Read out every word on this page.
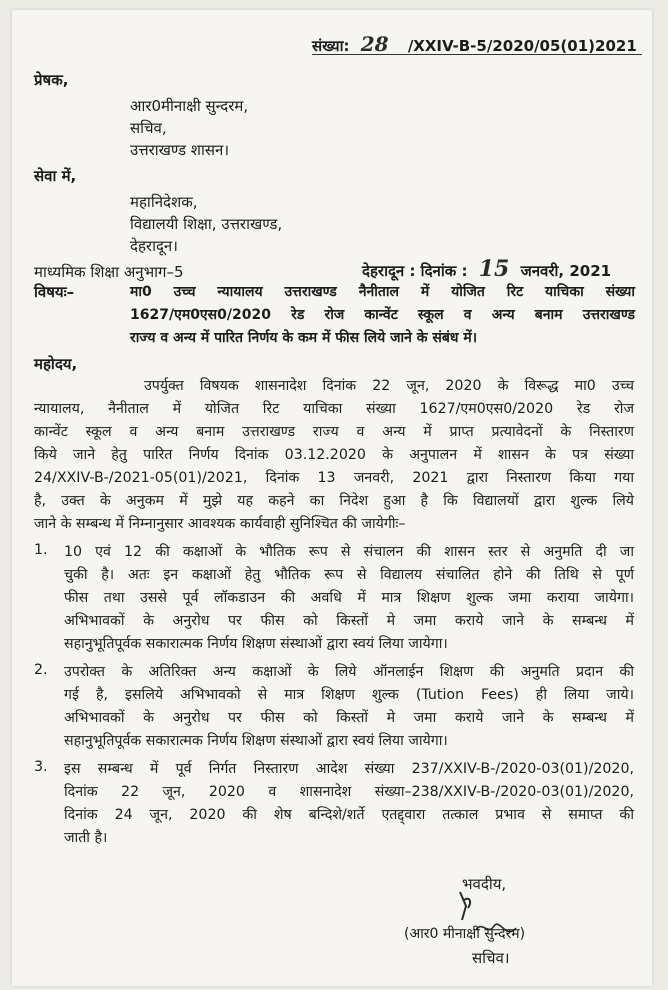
संख्या: 28 /XXIV-B-5/2020/05(01)2021
प्रेषक,
आर0मीनाक्षी सुन्दरम,
सचिव,
उत्तराखण्ड शासन।
सेवा में,
महानिदेशक,
विद्यालयी शिक्षा, उत्तराखण्ड,
देहरादून।
माध्यमिक शिक्षा अनुभाग–5	देहरादून : दिनांक : 15 जनवरी, 2021
विषयः–	मा0 उच्च न्यायालय उत्तराखण्ड नैनीताल में योजित रिट याचिका संख्या
1627/एम0एस0/2020 रेड रोज कान्वेंट स्कूल व अन्य बनाम उत्तराखण्ड
राज्य व अन्य में पारित निर्णय के कम में फीस लिये जाने के संबंध में।
महोदय,
उपर्युक्त विषयक शासनादेश दिनांक 22 जून, 2020 के विरूद्ध मा0 उच्च
न्यायालय, नैनीताल में योजित रिट याचिका संख्या 1627/एम0एस0/2020 रेड रोज
कान्वेंट स्कूल व अन्य बनाम उत्तराखण्ड राज्य व अन्य में प्राप्त प्रत्यावेदनों के निस्तारण
किये जाने हेतु पारित निर्णय दिनांक 03.12.2020 के अनुपालन में शासन के पत्र संख्या
24/XXIV-B-/2021-05(01)/2021, दिनांक 13 जनवरी, 2021 द्वारा निस्तारण किया गया
है, उक्त के अनुकम में मुझे यह कहने का निदेश हुआ है कि विद्यालयों द्वारा शुल्क लिये
जाने के सम्बन्ध में निम्नानुसार आवश्यक कार्यवाही सुनिश्चित की जायेगीः–
1. 10 एवं 12 की कक्षाओं के भौतिक रूप से संचालन की शासन स्तर से अनुमति दी जा
चुकी है। अतः इन कक्षाओं हेतु भौतिक रूप से विद्यालय संचालित होने की तिथि से पूर्ण
फीस तथा उससे पूर्व लॉकडाउन की अवधि में मात्र शिक्षण शुल्क जमा कराया जायेगा।
अभिभावकों के अनुरोध पर फीस को किस्तों मे जमा कराये जाने के सम्बन्ध में
सहानुभूतिपूर्वक सकारात्मक निर्णय शिक्षण संस्थाओं द्वारा स्वयं लिया जायेगा।
2. उपरोक्त के अतिरिक्त अन्य कक्षाओं के लिये ऑनलाईन शिक्षण की अनुमति प्रदान की
गई है, इसलिये अभिभावको से मात्र शिक्षण शुल्क (Tution Fees) ही लिया जाये।
अभिभावकों के अनुरोध पर फीस को किस्तों मे जमा कराये जाने के सम्बन्ध में
सहानुभूतिपूर्वक सकारात्मक निर्णय शिक्षण संस्थाओं द्वारा स्वयं लिया जायेगा।
3. इस सम्बन्ध में पूर्व निर्गत निस्तारण आदेश संख्या 237/XXIV-B-/2020-03(01)/2020,
दिनांक 22 जून, 2020 व शासनादेश संख्या–238/XXIV-B-/2020-03(01)/2020,
दिनांक 24 जून, 2020 की शेष बन्दिशे/शर्ते एतद्द्वारा तत्काल प्रभाव से समाप्त की
जाती है।
भवदीय,
(आर0 मीनाक्षी सुन्दरम)
सचिव।
